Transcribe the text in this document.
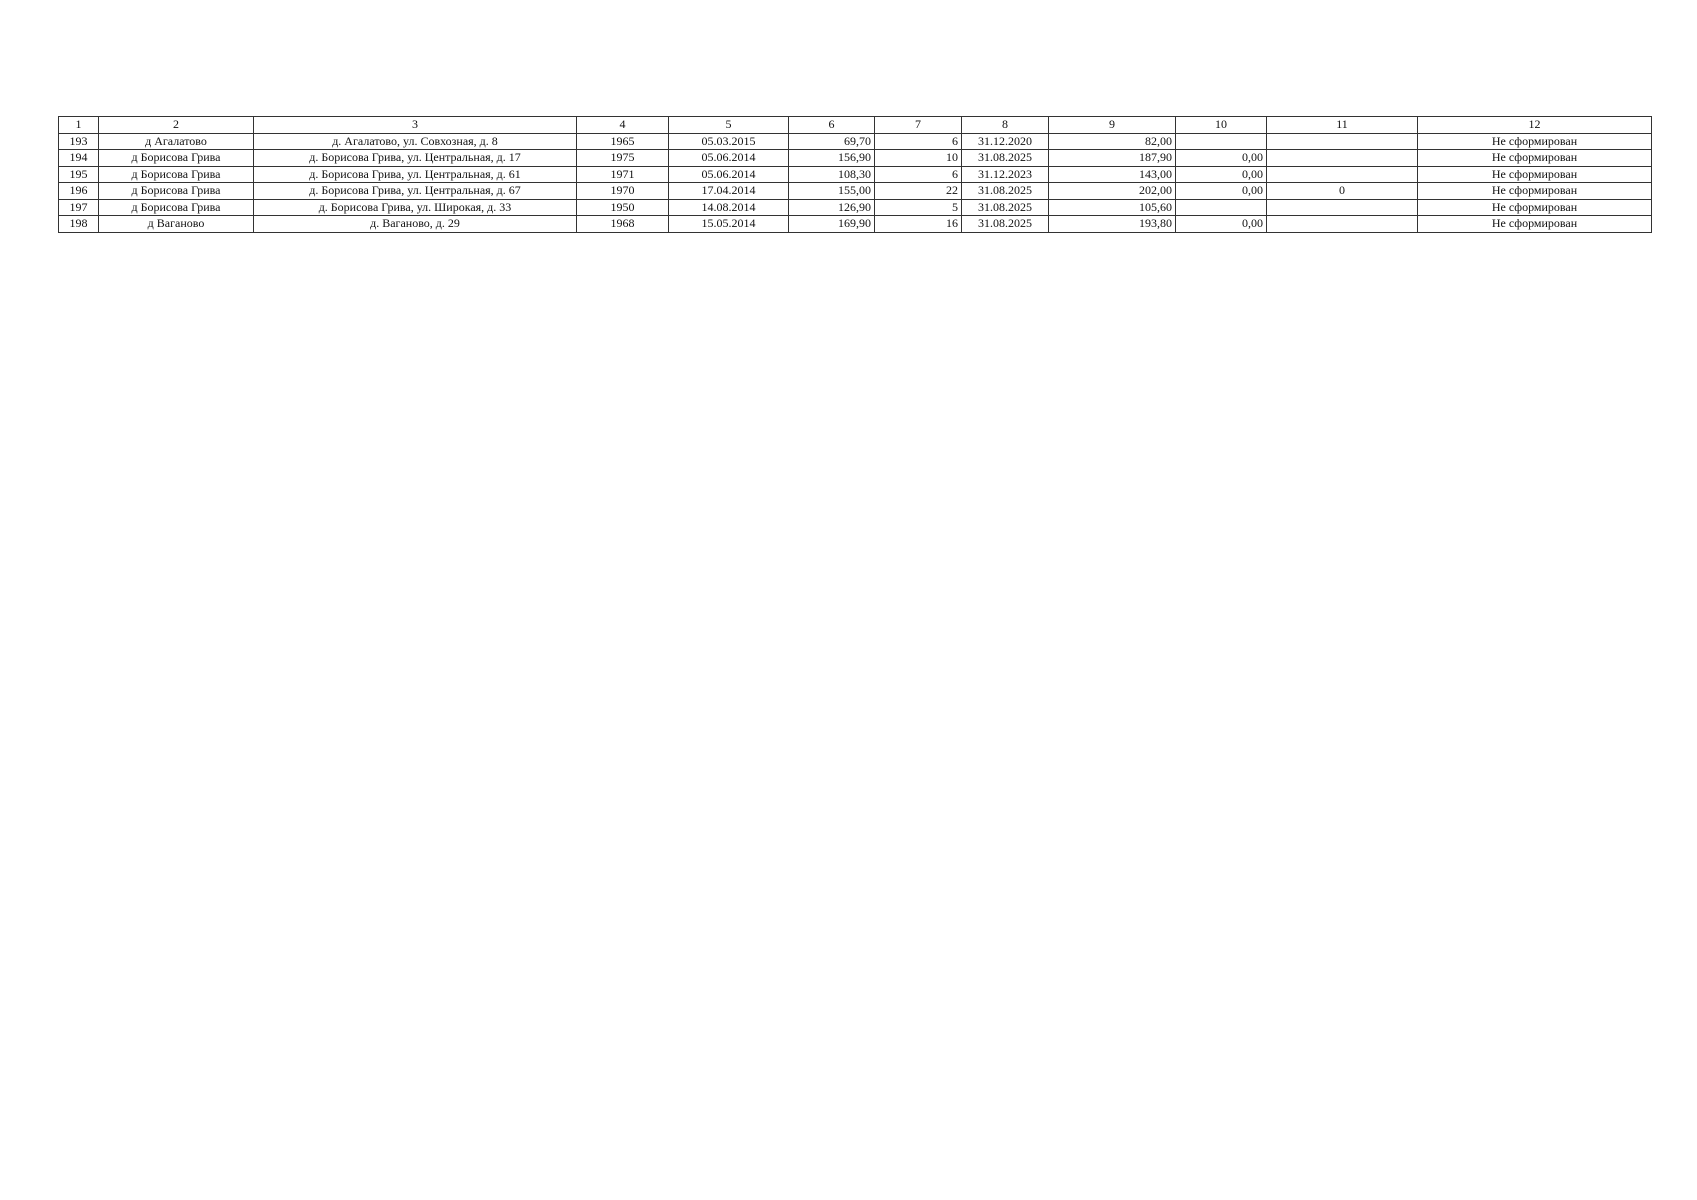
1	2	3	4	5	6	7	8	9	10	11	12
193	д Агалатово	д. Агалатово, ул. Совхозная, д. 8	1965	05.03.2015	69,70	6	31.12.2020	82,00			Не сформирован
194	д Борисова Грива	д. Борисова Грива, ул. Центральная, д. 17	1975	05.06.2014	156,90	10	31.08.2025	187,90	0,00		Не сформирован
195	д Борисова Грива	д. Борисова Грива, ул. Центральная, д. 61	1971	05.06.2014	108,30	6	31.12.2023	143,00	0,00		Не сформирован
196	д Борисова Грива	д. Борисова Грива, ул. Центральная, д. 67	1970	17.04.2014	155,00	22	31.08.2025	202,00	0,00	0	Не сформирован
197	д Борисова Грива	д. Борисова Грива, ул. Широкая, д. 33	1950	14.08.2014	126,90	5	31.08.2025	105,60			Не сформирован
198	д Ваганово	д. Ваганово, д. 29	1968	15.05.2014	169,90	16	31.08.2025	193,80	0,00		Не сформирован
